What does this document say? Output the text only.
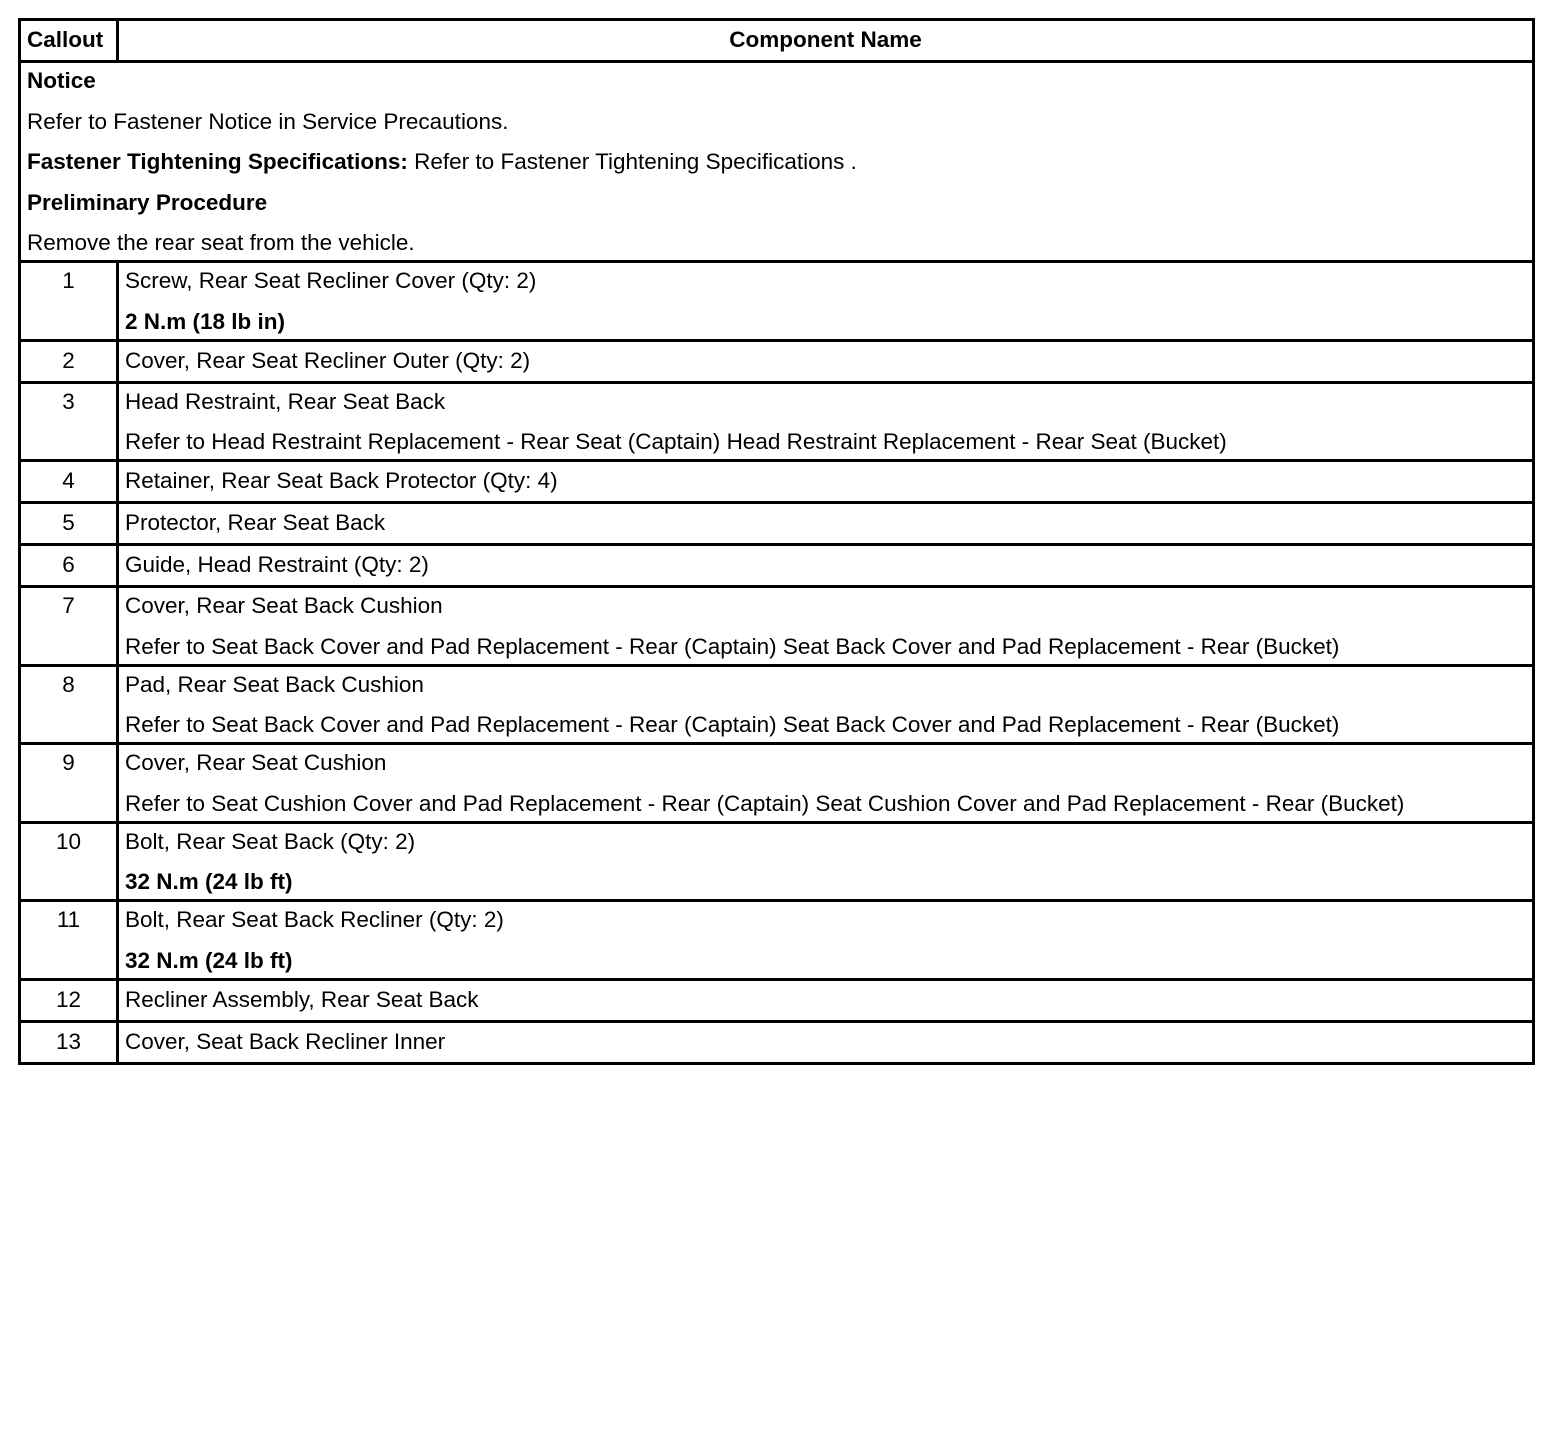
Callout	Component Name

Notice
Refer to Fastener Notice in Service Precautions.
Fastener Tightening Specifications: Refer to Fastener Tightening Specifications .
Preliminary Procedure
Remove the rear seat from the vehicle.	

1	Screw, Rear Seat Recliner Cover (Qty: 2)
2 N.m (18 lb in)

2	Cover, Rear Seat Recliner Outer (Qty: 2)

3	Head Restraint, Rear Seat Back
Refer to Head Restraint Replacement - Rear Seat (Captain) Head Restraint Replacement - Rear Seat (Bucket)

4	Retainer, Rear Seat Back Protector (Qty: 4)

5	Protector, Rear Seat Back

6	Guide, Head Restraint (Qty: 2)

7	Cover, Rear Seat Back Cushion
Refer to Seat Back Cover and Pad Replacement - Rear (Captain) Seat Back Cover and Pad Replacement - Rear (Bucket)

8	Pad, Rear Seat Back Cushion
Refer to Seat Back Cover and Pad Replacement - Rear (Captain) Seat Back Cover and Pad Replacement - Rear (Bucket)

9	Cover, Rear Seat Cushion
Refer to Seat Cushion Cover and Pad Replacement - Rear (Captain) Seat Cushion Cover and Pad Replacement - Rear (Bucket)

10	Bolt, Rear Seat Back (Qty: 2)
32 N.m (24 lb ft)

11	Bolt, Rear Seat Back Recliner (Qty: 2)
32 N.m (24 lb ft)

12	Recliner Assembly, Rear Seat Back

13	Cover, Seat Back Recliner Inner
